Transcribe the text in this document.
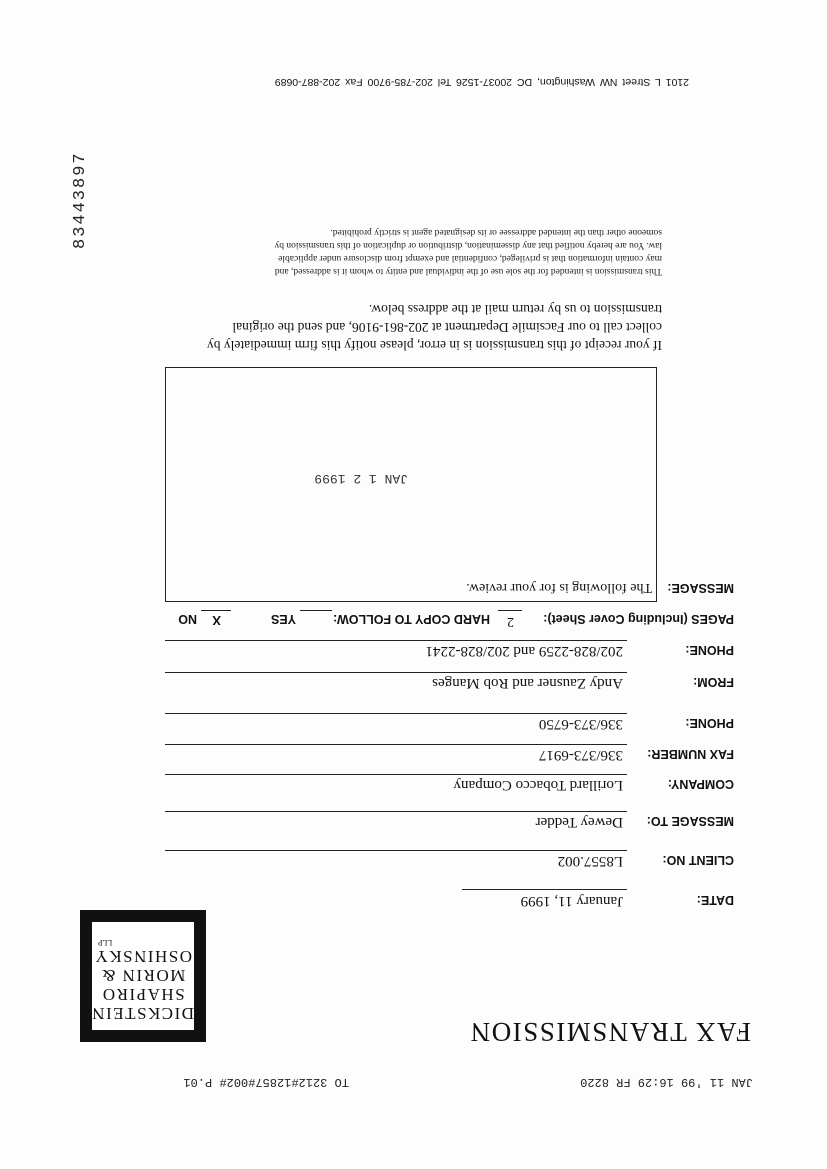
83443897
JAN 11 '99 16:29 FR 8220
TO 3212#12857#002# P.01
FAX TRANSMISSION
DICKSTEIN
SHAPIRO
MORIN &
OSHINSKY
LLP
DATE:
January 11, 1999
CLIENT NO:
L8557.002
MESSAGE TO:
Dewey Tedder
COMPANY:
Lorillard Tobacco Company
FAX NUMBER:
336/373-6917
PHONE:
336/373-6750
FROM:
Andy Zausner and Rob Manges
PHONE:
202/828-2259 and 202/828-2241
PAGES (Including Cover Sheet):
2
HARD COPY TO FOLLOW:
YES
X
NO
MESSAGE:
The following is for your review.
JAN 1 2 1999
If your receipt of this transmission is in error, please notify this firm immediately by
collect call to our Facsimile Department at 202-861-9106, and send the original
transmission to us by return mail at the address below.
This transmission is intended for the sole use of the individual and entity to whom it is addressed, and
may contain information that is privileged, confidential and exempt from disclosure under applicable
law. You are hereby notified that any dissemination, distribution or duplication of this transmission by
someone other than the intended addressee or its designated agent is strictly prohibited.
2101 L Street NW Washington, DC 20037-1526 Tel 202-785-9700 Fax 202-887-0689
